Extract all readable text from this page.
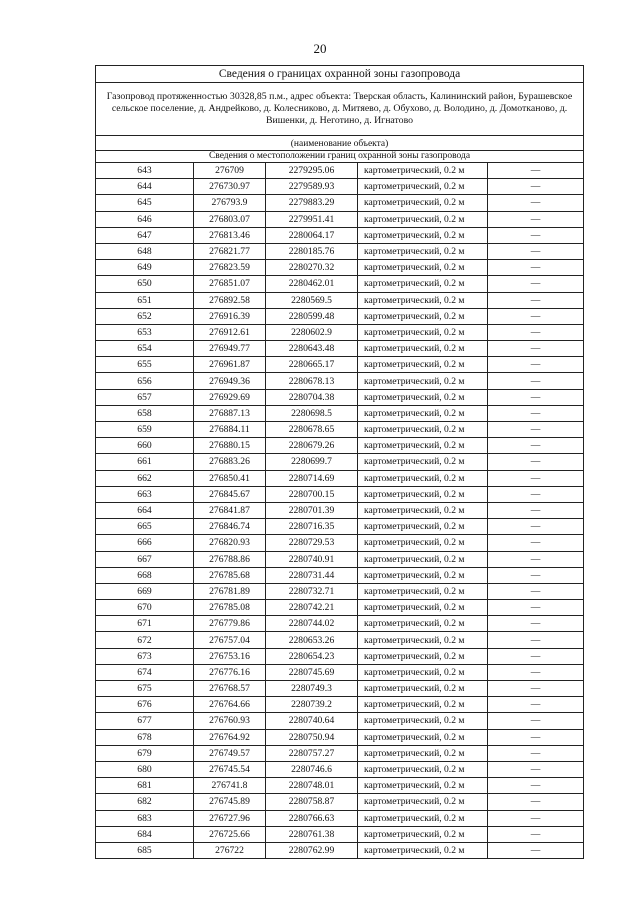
20
Сведения о границах охранной зоны газопровода				
Газопровод протяженностью 30328,85 п.м., адрес объекта: Тверская область, Калининский район, Бурашевское сельское поселение, д. Андрейково, д. Колесниково, д. Митяево, д. Обухово, д. Володино, д. Домотканово, д. Вишенки, д. Неготино, д. Игнатово				

(наименование объекта)				
Сведения о местоположении границ охранной зоны газопровода				
643	276709	2279295.06	картометрический, 0.2 м	—
644	276730.97	2279589.93	картометрический, 0.2 м	—
645	276793.9	2279883.29	картометрический, 0.2 м	—
646	276803.07	2279951.41	картометрический, 0.2 м	—
647	276813.46	2280064.17	картометрический, 0.2 м	—
648	276821.77	2280185.76	картометрический, 0.2 м	—
649	276823.59	2280270.32	картометрический, 0.2 м	—
650	276851.07	2280462.01	картометрический, 0.2 м	—
651	276892.58	2280569.5	картометрический, 0.2 м	—
652	276916.39	2280599.48	картометрический, 0.2 м	—
653	276912.61	2280602.9	картометрический, 0.2 м	—
654	276949.77	2280643.48	картометрический, 0.2 м	—
655	276961.87	2280665.17	картометрический, 0.2 м	—
656	276949.36	2280678.13	картометрический, 0.2 м	—
657	276929.69	2280704.38	картометрический, 0.2 м	—
658	276887.13	2280698.5	картометрический, 0.2 м	—
659	276884.11	2280678.65	картометрический, 0.2 м	—
660	276880.15	2280679.26	картометрический, 0.2 м	—
661	276883.26	2280699.7	картометрический, 0.2 м	—
662	276850.41	2280714.69	картометрический, 0.2 м	—
663	276845.67	2280700.15	картометрический, 0.2 м	—
664	276841.87	2280701.39	картометрический, 0.2 м	—
665	276846.74	2280716.35	картометрический, 0.2 м	—
666	276820.93	2280729.53	картометрический, 0.2 м	—
667	276788.86	2280740.91	картометрический, 0.2 м	—
668	276785.68	2280731.44	картометрический, 0.2 м	—
669	276781.89	2280732.71	картометрический, 0.2 м	—
670	276785.08	2280742.21	картометрический, 0.2 м	—
671	276779.86	2280744.02	картометрический, 0.2 м	—
672	276757.04	2280653.26	картометрический, 0.2 м	—
673	276753.16	2280654.23	картометрический, 0.2 м	—
674	276776.16	2280745.69	картометрический, 0.2 м	—
675	276768.57	2280749.3	картометрический, 0.2 м	—
676	276764.66	2280739.2	картометрический, 0.2 м	—
677	276760.93	2280740.64	картометрический, 0.2 м	—
678	276764.92	2280750.94	картометрический, 0.2 м	—
679	276749.57	2280757.27	картометрический, 0.2 м	—
680	276745.54	2280746.6	картометрический, 0.2 м	—
681	276741.8	2280748.01	картометрический, 0.2 м	—
682	276745.89	2280758.87	картометрический, 0.2 м	—
683	276727.96	2280766.63	картометрический, 0.2 м	—
684	276725.66	2280761.38	картометрический, 0.2 м	—
685	276722	2280762.99	картометрический, 0.2 м	—
